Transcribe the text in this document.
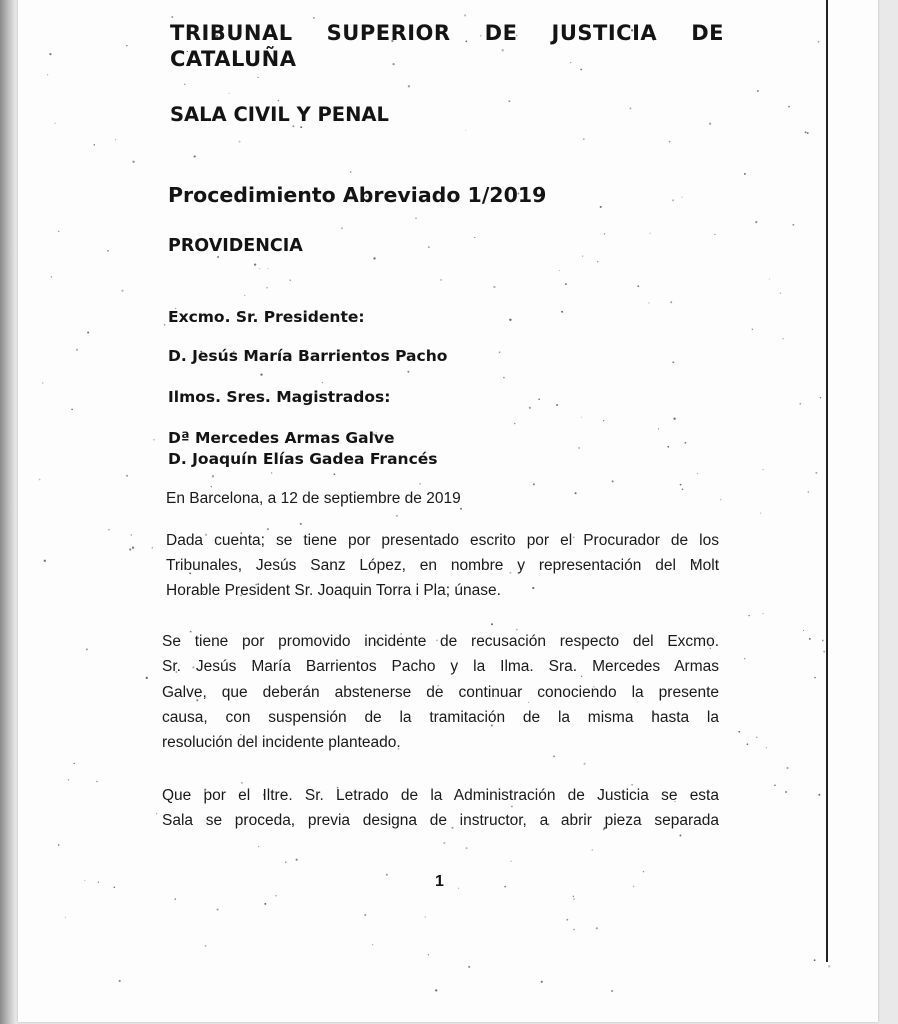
TRIBUNAL SUPERIOR DE JUSTICIA DE
CATALUÑA
SALA CIVIL Y PENAL
Procedimiento Abreviado 1/2019
PROVIDENCIA
Excmo. Sr. Presidente:
D. Jesús María Barrientos Pacho
Ilmos. Sres. Magistrados:
Dª Mercedes Armas Galve
D. Joaquín Elías Gadea Francés
En Barcelona, a 12 de septiembre de 2019
Dada cuenta; se tiene por presentado escrito por el Procurador de los
Tribunales, Jesús Sanz López, en nombre y representación del Molt
Horable President Sr. Joaquin Torra i Pla; únase.
Se tiene por promovido incidente de recusación respecto del Excmo.
Sr. Jesús María Barrientos Pacho y la Ilma. Sra. Mercedes Armas
Galve, que deberán abstenerse de continuar conociendo la presente
causa, con suspensión de la tramitación de la misma hasta la
resolución del incidente planteado.
Que por el Iltre. Sr. Letrado de la Administración de Justicia se esta
Sala se proceda, previa designa de instructor, a abrir pieza separada
1
